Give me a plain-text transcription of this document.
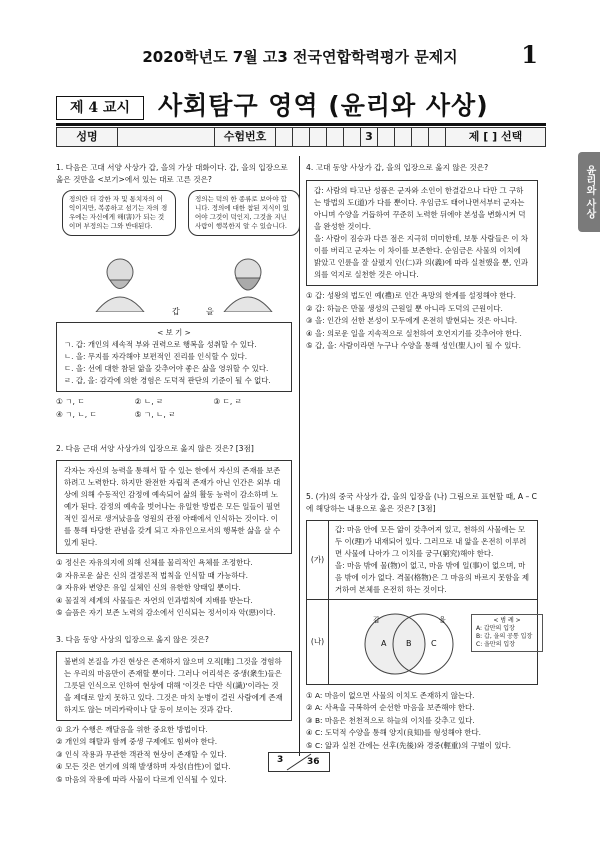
2020학년도 7월 고3 전국연합학력평가 문제지	1
제 4 교시	사회탐구 영역 (윤리와 사상)
성명	수험번호	3	제 [ ] 선택
윤리와 사상
1. 다음은 고대 서양 사상가 갑, 을의 가상 대화이다. 갑, 을의 입장으로 옳은 것만을 <보기>에서 있는 대로 고른 것은?
정의란 더 강한 자 및 통치자의 이익이지만, 복종하고 섬기는 자의 경우에는 자신에게 해(害)가 되는 것이며 부정의는 그와 반대된다.
정의는 덕의 한 종류로 보아야 합니다. 정의에 대한 참된 지식이 있어야 그것이 덕인지, 그것을 지닌 사람이 행복한지 알 수 있습니다.
갑	을
< 보 기 >
ㄱ. 갑: 개인의 세속적 부와 권력으로 행복을 성취할 수 있다.
ㄴ. 을: 무지를 자각해야 보편적인 진리를 인식할 수 있다.
ㄷ. 을: 선에 대한 참된 앎을 갖추어야 좋은 삶을 영위할 수 있다.
ㄹ. 갑, 을: 감각에 의한 경험은 도덕적 판단의 기준이 될 수 없다.
① ㄱ, ㄷ	② ㄴ, ㄹ	③ ㄷ, ㄹ
④ ㄱ, ㄴ, ㄷ	⑤ ㄱ, ㄴ, ㄹ
2. 다음 근대 서양 사상가의 입장으로 옳지 않은 것은? [3점]
각자는 자신의 능력을 통해서 할 수 있는 한에서 자신의 존재를 보존하려고 노력한다. 하지만 완전한 자립적 존재가 아닌 인간은 외부 대상에 의해 수동적인 감정에 예속되어 삶의 활동 능력이 감소하며 노예가 된다. 감정의 예속을 벗어나는 유일한 방법은 모든 일들이 필연적인 질서로 생겨났음을 영원의 관점 아래에서 인식하는 것이다. 이를 통해 타당한 관념을 갖게 되고 자유인으로서의 행복한 삶을 살 수 있게 된다.
① 정신은 자유의지에 의해 신체를 물리적인 욕체를 조정한다.
② 자유로운 삶은 신의 결정론적 법칙을 인식할 때 가능하다.
③ 자유와 변양은 유일 실체인 신의 유한한 양태일 뿐이다.
④ 물질적 세계의 사물들은 자연의 인과법칙에 지배를 받는다.
⑤ 슬픔은 자기 보존 노력의 감소에서 인식되는 정서이자 악(惡)이다.
3. 다음 동양 사상의 입장으로 옳지 않은 것은?
불변의 본질을 가진 현상은 존재하지 않으며 오직[唯] 그것을 경험하는 우리의 마음만이 존재할 뿐이다. 그러나 어리석은 중생(衆生)들은 그릇된 인식으로 인하여 현상에 대해 '이것은 다만 식(識)'이라는 것을 제대로 알지 못하고 있다. 그것은 마치 눈병이 걸린 사람에게 존재하지도 않는 머리카락이나 달 등이 보이는 것과 같다.
① 요가 수행은 깨달음을 위한 중요한 방법이다.
② 개인의 해탈과 함께 중생 구제에도 힘써야 한다.
③ 인식 작용과 무관한 객관적 현상이 존재할 수 있다.
④ 모든 것은 연기에 의해 발생하며 자성(自性)이 없다.
⑤ 마음의 작용에 따라 사물이 다르게 인식될 수 있다.
4. 고대 동양 사상가 갑, 을의 입장으로 옳지 않은 것은?
갑: 사람의 타고난 성품은 군자와 소인이 한결같으나 다만 그 구하는 방법의 도(道)가 다를 뿐이다. 우임금도 태어나면서부터 군자는 아니며 수양을 거듭하여 꾸준히 노력한 뒤에야 본성을 변화시켜 덕을 완성한 것이다.
을: 사람이 짐승과 다른 점은 지극히 미미한데, 보통 사람들은 이 차이를 버리고 군자는 이 차이를 보존한다. 순임금은 사물의 이치에 밝았고 인륜을 잘 살폈지 인(仁)과 의(義)에 따라 실천했을 뿐, 인과 의를 억지로 실천한 것은 아니다.
① 갑: 성왕의 법도인 예(禮)로 인간 욕망의 한계를 설정해야 한다.
② 갑: 하늘은 만물 생성의 근원일 뿐 아니라 도덕의 근원이다.
③ 을: 인간의 선한 본성이 모두에게 온전히 발현되는 것은 아니다.
④ 을: 의로운 일을 지속적으로 실천하여 호연지기를 갖추어야 한다.
⑤ 갑, 을: 사람이라면 누구나 수양을 통해 성인(聖人)이 될 수 있다.
5. (가)의 중국 사상가 갑, 을의 입장을 (나) 그림으로 표현할 때, A – C에 해당하는 내용으로 옳은 것은? [3점]
(가)
갑: 마음 안에 모든 앎이 갖추어져 있고, 천하의 사물에는 모두 이(理)가 내재되어 있다. 그러므로 내 앎을 온전히 이루려면 사물에 나아가 그 이치를 궁구(窮究)해야 한다.
을: 마음 밖에 물(物)이 없고, 마음 밖에 일(事)이 없으며, 마음 밖에 이가 없다. 격물(格物)은 그 마음의 바르지 못함을 제거하여 본체를 온전히 하는 것이다.
(나)
갑	을
A B C
< 범 례 >
A: 갑만의 입장
B: 갑, 을의 공통 입장
C: 을만의 입장
① A: 마음이 없으면 사물의 이치도 존재하지 않는다.
② A: 사욕을 극복하여 순선한 마음을 보존해야 한다.
③ B: 마음은 천천적으로 하늘의 이치를 갖추고 있다.
④ C: 도덕적 수양을 통해 양지(良知)를 형성해야 한다.
⑤ C: 앎과 실천 간에는 선후(先後)와 경중(輕重)의 구별이 있다.
3	36
